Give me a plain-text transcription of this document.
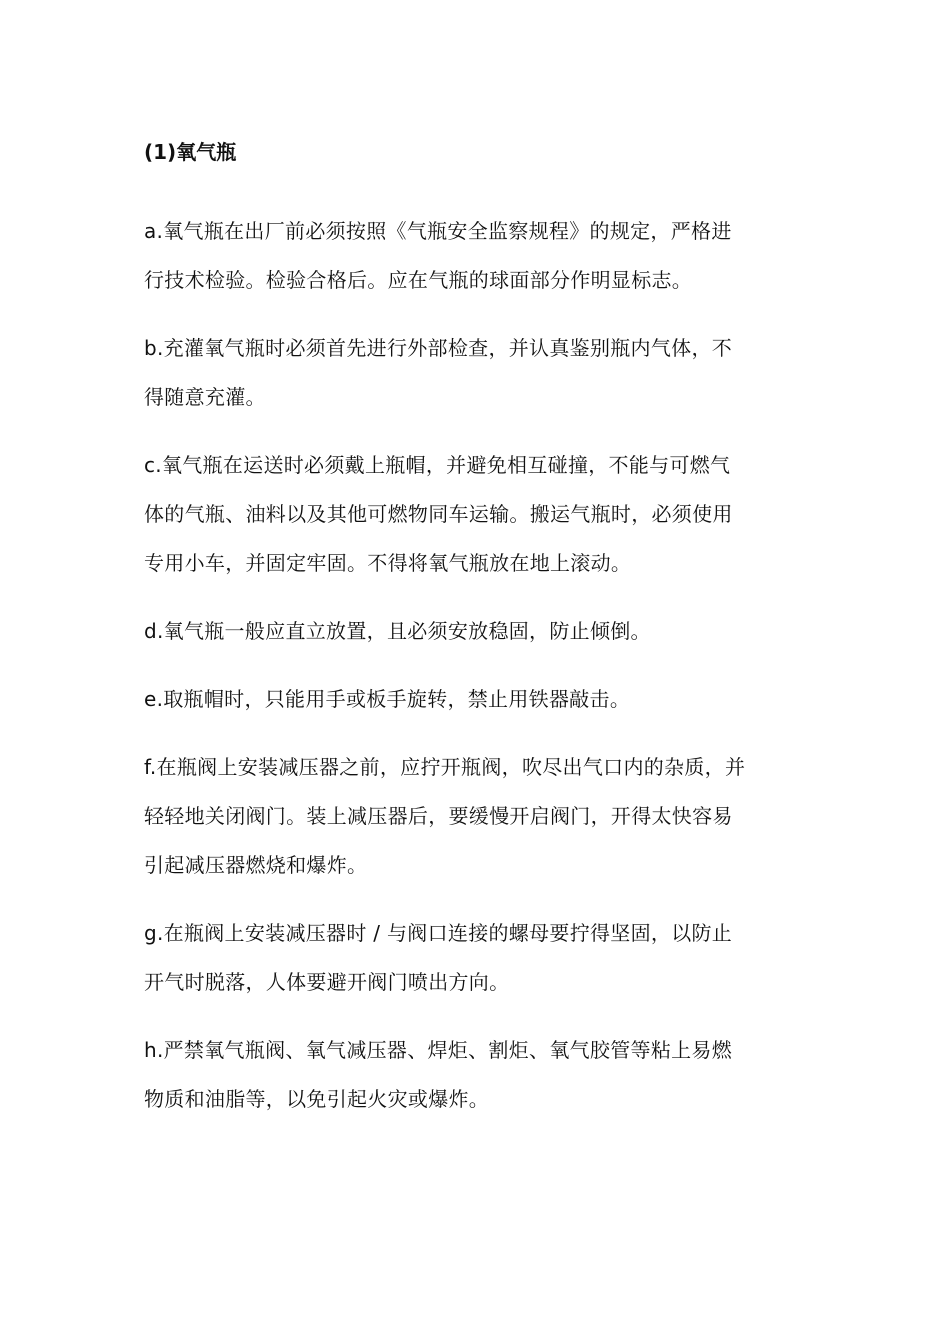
(1)氧气瓶
a.氧气瓶在出厂前必须按照《气瓶安全监察规程》的规定，严格进
行技术检验。检验合格后。应在气瓶的球面部分作明显标志。
b.充灌氧气瓶时必须首先进行外部检查，并认真鉴别瓶内气体，不
得随意充灌。
c.氧气瓶在运送时必须戴上瓶帽，并避免相互碰撞，不能与可燃气
体的气瓶、油料以及其他可燃物同车运输。搬运气瓶时，必须使用
专用小车，并固定牢固。不得将氧气瓶放在地上滚动。
d.氧气瓶一般应直立放置，且必须安放稳固，防止倾倒。
e.取瓶帽时，只能用手或板手旋转，禁止用铁器敲击。
f.在瓶阀上安装减压器之前，应拧开瓶阀，吹尽出气口内的杂质，并
轻轻地关闭阀门。装上减压器后，要缓慢开启阀门，开得太快容易
引起减压器燃烧和爆炸。
g.在瓶阀上安装减压器时 / 与阀口连接的螺母要拧得坚固，以防止
开气时脱落，人体要避开阀门喷出方向。
h.严禁氧气瓶阀、氧气减压器、焊炬、割炬、氧气胶管等粘上易燃
物质和油脂等，以免引起火灾或爆炸。
